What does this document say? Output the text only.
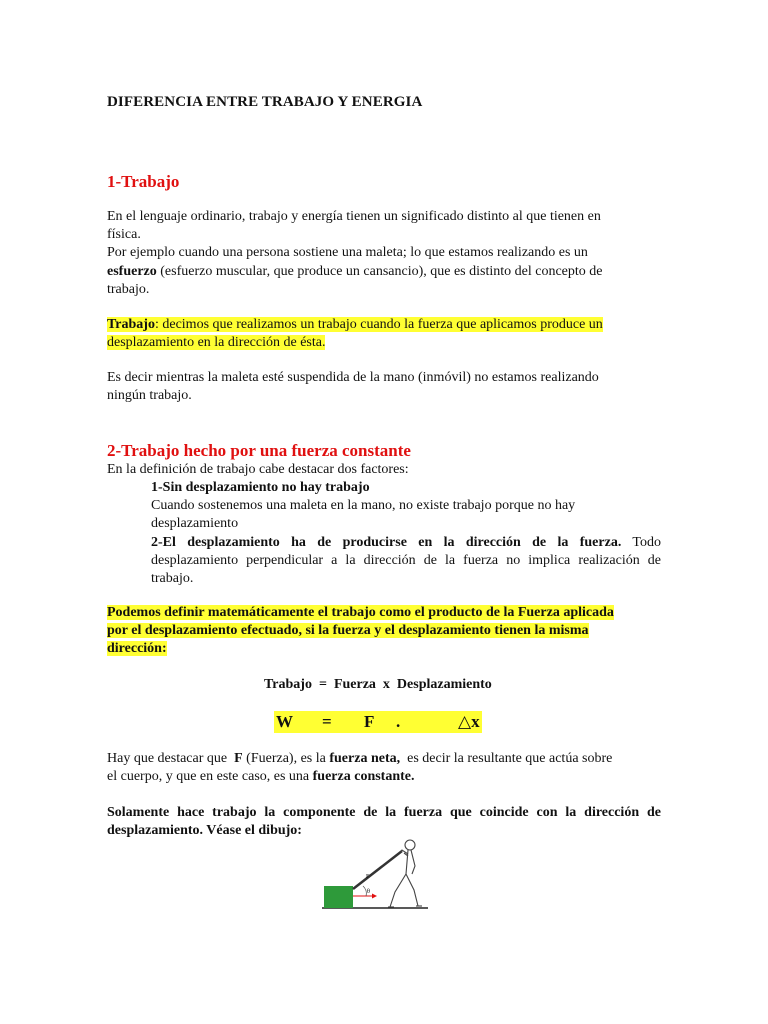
DIFERENCIA ENTRE TRABAJO Y ENERGIA
1-Trabajo
En el lenguaje ordinario, trabajo y energía tienen un significado distinto al que tienen en
física.
Por ejemplo cuando una persona sostiene una maleta; lo que estamos realizando es un
esfuerzo (esfuerzo muscular, que produce un cansancio), que es distinto del concepto de
trabajo.
Trabajo: decimos que realizamos un trabajo cuando la fuerza que aplicamos produce un
desplazamiento en la dirección de ésta.
Es decir mientras la maleta esté suspendida de la mano (inmóvil) no estamos realizando
ningún trabajo.
2-Trabajo hecho por una fuerza constante
En la definición de trabajo cabe destacar dos factores:
1-Sin desplazamiento no hay trabajo
Cuando sostenemos una maleta en la mano, no existe trabajo porque no hay
desplazamiento
2-El desplazamiento ha de producirse en la dirección de la fuerza. Todo
desplazamiento perpendicular a la dirección de la fuerza no implica realización de
trabajo.
Podemos definir matemáticamente el trabajo como el producto de la Fuerza aplicada
por el desplazamiento efectuado, si la fuerza y el desplazamiento tienen la misma
dirección:
Trabajo  =  Fuerza  x  Desplazamiento
W = F .	△x
Hay que destacar que  F (Fuerza), es la fuerza neta,  es decir la resultante que actúa sobre
el cuerpo, y que en este caso, es una fuerza constante.
Solamente hace trabajo la componente de la fuerza que coincide con la dirección de
desplazamiento. Véase el dibujo:
F
θ
